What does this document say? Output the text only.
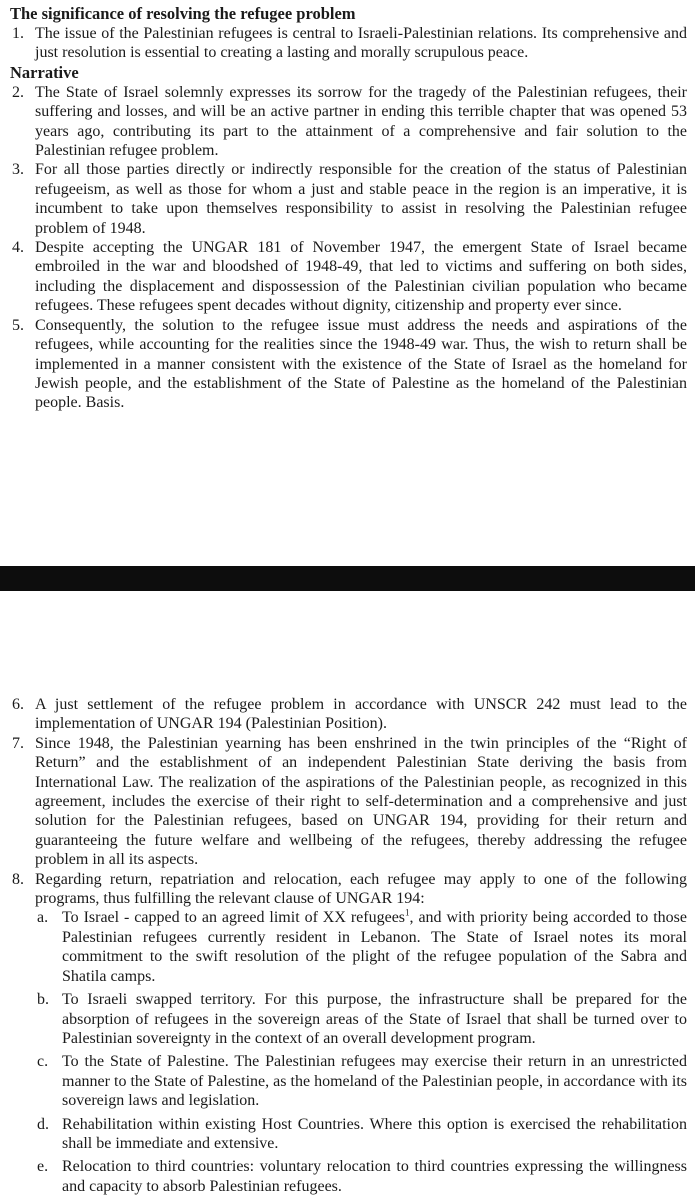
The significance of resolving the refugee problem

1. The issue of the Palestinian refugees is central to Israeli-Palestinian relations. Its comprehensive and just resolution is essential to creating a lasting and morally scrupulous peace.

Narrative

2. The State of Israel solemnly expresses its sorrow for the tragedy of the Palestinian refugees, their suffering and losses, and will be an active partner in ending this terrible chapter that was opened 53 years ago, contributing its part to the attainment of a comprehensive and fair solution to the Palestinian refugee problem.

3. For all those parties directly or indirectly responsible for the creation of the status of Palestinian refugeeism, as well as those for whom a just and stable peace in the region is an imperative, it is incumbent to take upon themselves responsibility to assist in resolving the Palestinian refugee problem of 1948.

4. Despite accepting the UNGAR 181 of November 1947, the emergent State of Israel became embroiled in the war and bloodshed of 1948-49, that led to victims and suffering on both sides, including the displacement and dispossession of the Palestinian civilian population who became refugees. These refugees spent decades without dignity, citizenship and property ever since.

5. Consequently, the solution to the refugee issue must address the needs and aspirations of the refugees, while accounting for the realities since the 1948-49 war. Thus, the wish to return shall be implemented in a manner consistent with the existence of the State of Israel as the homeland for Jewish people, and the establishment of the State of Palestine as the homeland of the Palestinian people. Basis.

6. A just settlement of the refugee problem in accordance with UNSCR 242 must lead to the implementation of UNGAR 194 (Palestinian Position).

7. Since 1948, the Palestinian yearning has been enshrined in the twin principles of the “Right of Return” and the establishment of an independent Palestinian State deriving the basis from International Law. The realization of the aspirations of the Palestinian people, as recognized in this agreement, includes the exercise of their right to self-determination and a comprehensive and just solution for the Palestinian refugees, based on UNGAR 194, providing for their return and guaranteeing the future welfare and wellbeing of the refugees, thereby addressing the refugee problem in all its aspects.

8. Regarding return, repatriation and relocation, each refugee may apply to one of the following programs, thus fulfilling the relevant clause of UNGAR 194:

a. To Israel - capped to an agreed limit of XX refugees$^1$, and with priority being accorded to those Palestinian refugees currently resident in Lebanon. The State of Israel notes its moral commitment to the swift resolution of the plight of the refugee population of the Sabra and Shatila camps.

b. To Israeli swapped territory. For this purpose, the infrastructure shall be prepared for the absorption of refugees in the sovereign areas of the State of Israel that shall be turned over to Palestinian sovereignty in the context of an overall development program.

c. To the State of Palestine. The Palestinian refugees may exercise their return in an unrestricted manner to the State of Palestine, as the homeland of the Palestinian people, in accordance with its sovereign laws and legislation.

d. Rehabilitation within existing Host Countries. Where this option is exercised the rehabilitation shall be immediate and extensive.

e. Relocation to third countries: voluntary relocation to third countries expressing the willingness and capacity to absorb Palestinian refugees.
